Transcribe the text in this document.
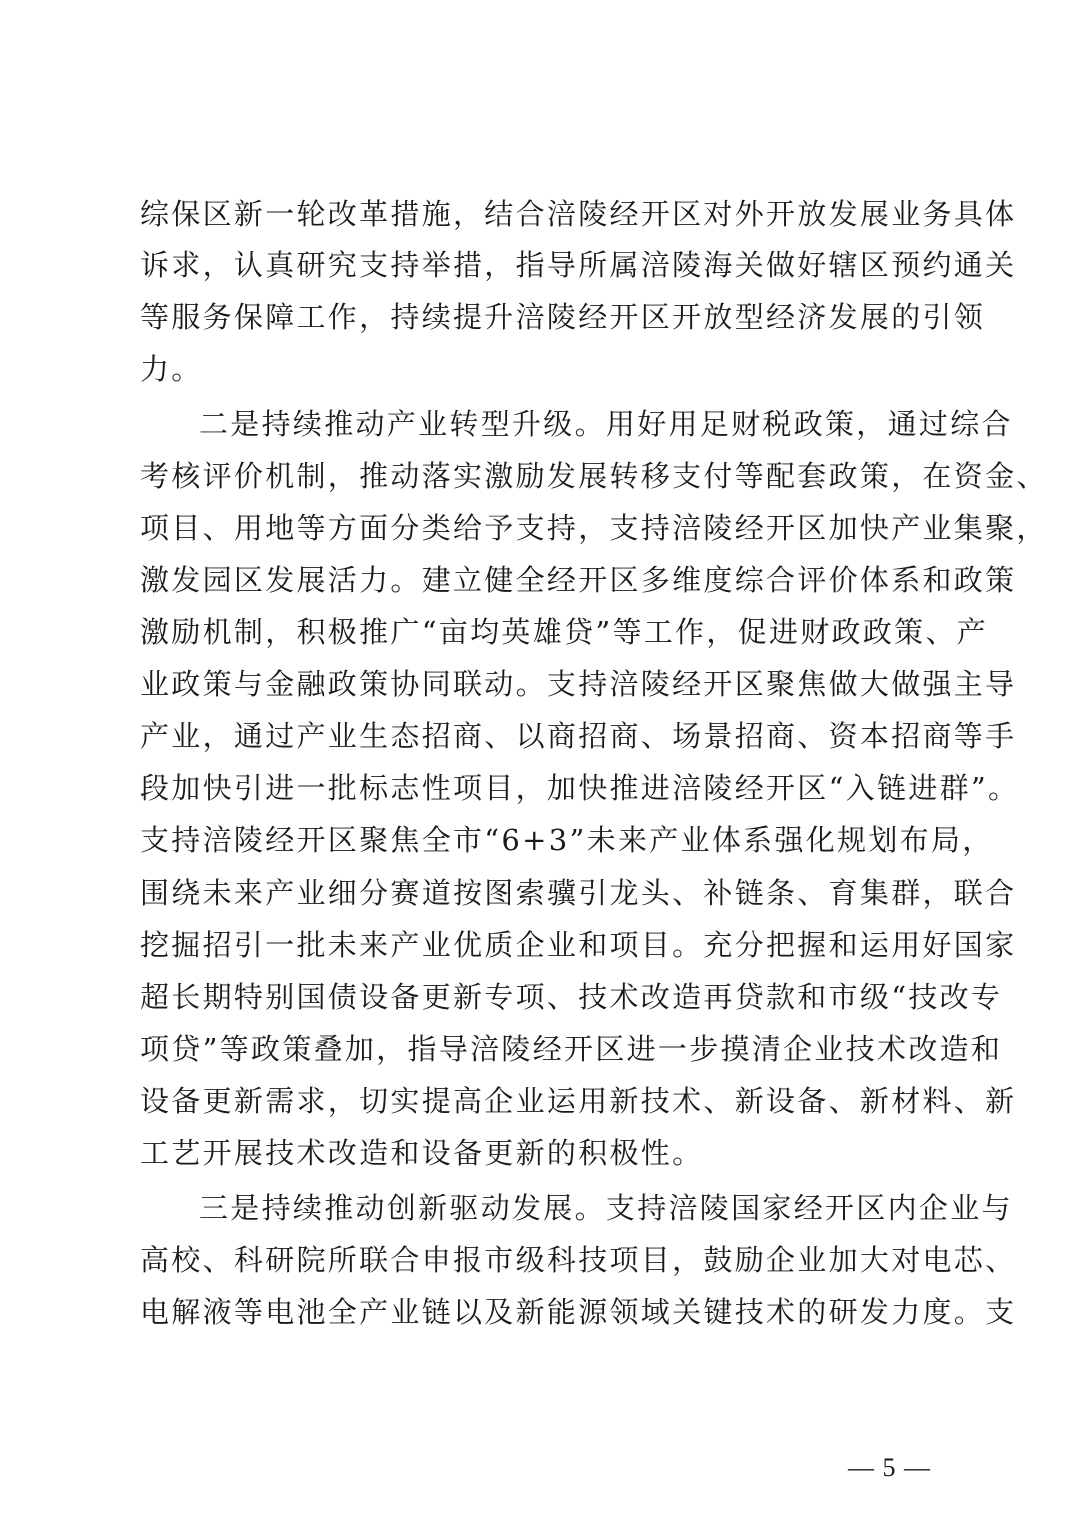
综保区新一轮改革措施，结合涪陵经开区对外开放发展业务具体
诉求，认真研究支持举措，指导所属涪陵海关做好辖区预约通关
等服务保障工作，持续提升涪陵经开区开放型经济发展的引领
力。
二是持续推动产业转型升级。用好用足财税政策，通过综合
考核评价机制，推动落实激励发展转移支付等配套政策，在资金、
项目、用地等方面分类给予支持，支持涪陵经开区加快产业集聚，
激发园区发展活力。建立健全经开区多维度综合评价体系和政策
激励机制，积极推广“亩均英雄贷”等工作，促进财政政策、产
业政策与金融政策协同联动。支持涪陵经开区聚焦做大做强主导
产业，通过产业生态招商、以商招商、场景招商、资本招商等手
段加快引进一批标志性项目，加快推进涪陵经开区“入链进群”。
支持涪陵经开区聚焦全市“6+3”未来产业体系强化规划布局，
围绕未来产业细分赛道按图索骥引龙头、补链条、育集群，联合
挖掘招引一批未来产业优质企业和项目。充分把握和运用好国家
超长期特别国债设备更新专项、技术改造再贷款和市级“技改专
项贷”等政策叠加，指导涪陵经开区进一步摸清企业技术改造和
设备更新需求，切实提高企业运用新技术、新设备、新材料、新
工艺开展技术改造和设备更新的积极性。
三是持续推动创新驱动发展。支持涪陵国家经开区内企业与
高校、科研院所联合申报市级科技项目，鼓励企业加大对电芯、
电解液等电池全产业链以及新能源领域关键技术的研发力度。支
— 5 —
